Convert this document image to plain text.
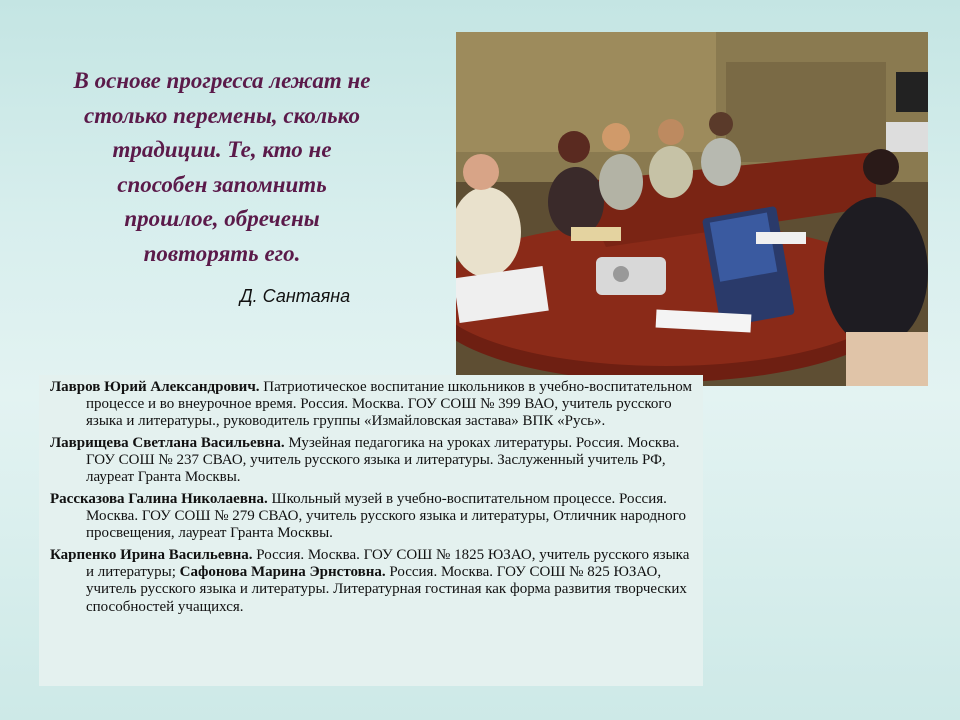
В основе прогресса лежат не
столько перемены, сколько
традиции. Те, кто не
способен запомнить
прошлое, обречены
повторять его.
Д. Сантаяна

Лавров Юрий Александрович. Патриотическое воспитание школьников в учебно-воспитательном процессе и во внеурочное время. Россия. Москва. ГОУ СОШ № 399 ВАО, учитель русского языка и литературы., руководитель группы «Измайловская застава» ВПК «Русь».

Лаврищева Светлана Васильевна. Музейная педагогика на уроках литературы. Россия. Москва. ГОУ СОШ № 237 СВАО, учитель русского языка и литературы. Заслуженный учитель РФ, лауреат Гранта Москвы.

Рассказова Галина Николаевна. Школьный музей в учебно-воспитательном процессе. Россия. Москва. ГОУ СОШ № 279 СВАО, учитель русского языка и литературы, Отличник народного просвещения, лауреат Гранта Москвы.

Карпенко Ирина Васильевна. Россия. Москва. ГОУ СОШ № 1825 ЮЗАО, учитель русского языка и литературы; Сафонова Марина Эрнстовна. Россия. Москва. ГОУ СОШ № 825 ЮЗАО, учитель русского языка и литературы. Литературная гостиная как форма развития творческих способностей учащихся.
